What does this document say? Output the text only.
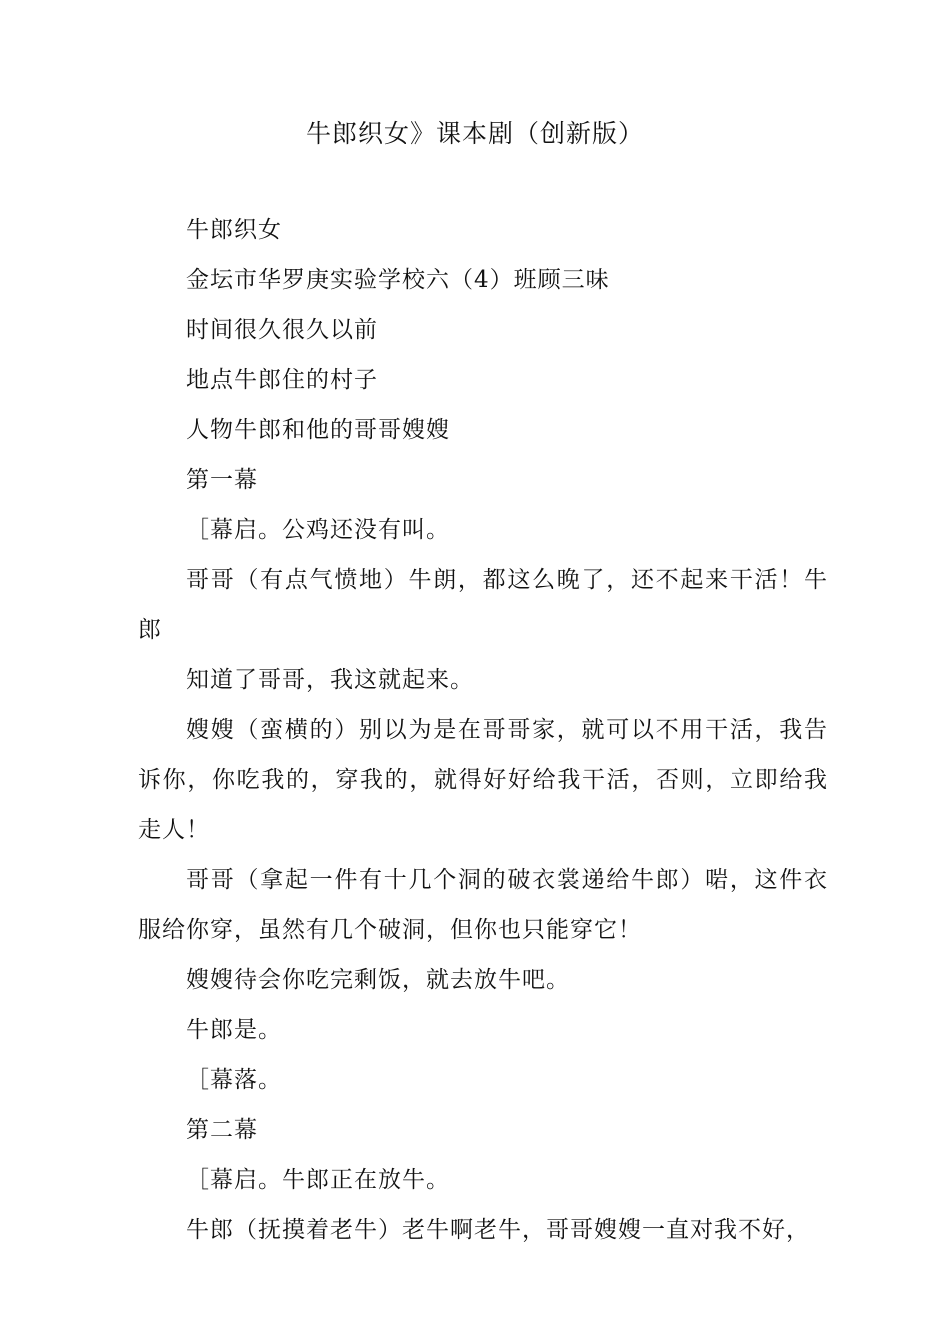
牛郎织女》课本剧（创新版）

牛郎织女

金坛市华罗庚实验学校六（4）班顾三味

时间很久很久以前

地点牛郎住的村子

人物牛郎和他的哥哥嫂嫂

第一幕

［幕启。公鸡还没有叫。

哥哥（有点气愤地）牛朗，都这么晚了，还不起来干活！牛郎

知道了哥哥，我这就起来。

嫂嫂（蛮横的）别以为是在哥哥家，就可以不用干活，我告诉你，你吃我的，穿我的，就得好好给我干活，否则，立即给我走人！

哥哥（拿起一件有十几个洞的破衣裳递给牛郎）啱，这件衣服给你穿，虽然有几个破洞，但你也只能穿它！

嫂嫂待会你吃完剩饭，就去放牛吧。

牛郎是。

［幕落。

第二幕

［幕启。牛郎正在放牛。

牛郎（抚摸着老牛）老牛啊老牛，哥哥嫂嫂一直对我不好，
